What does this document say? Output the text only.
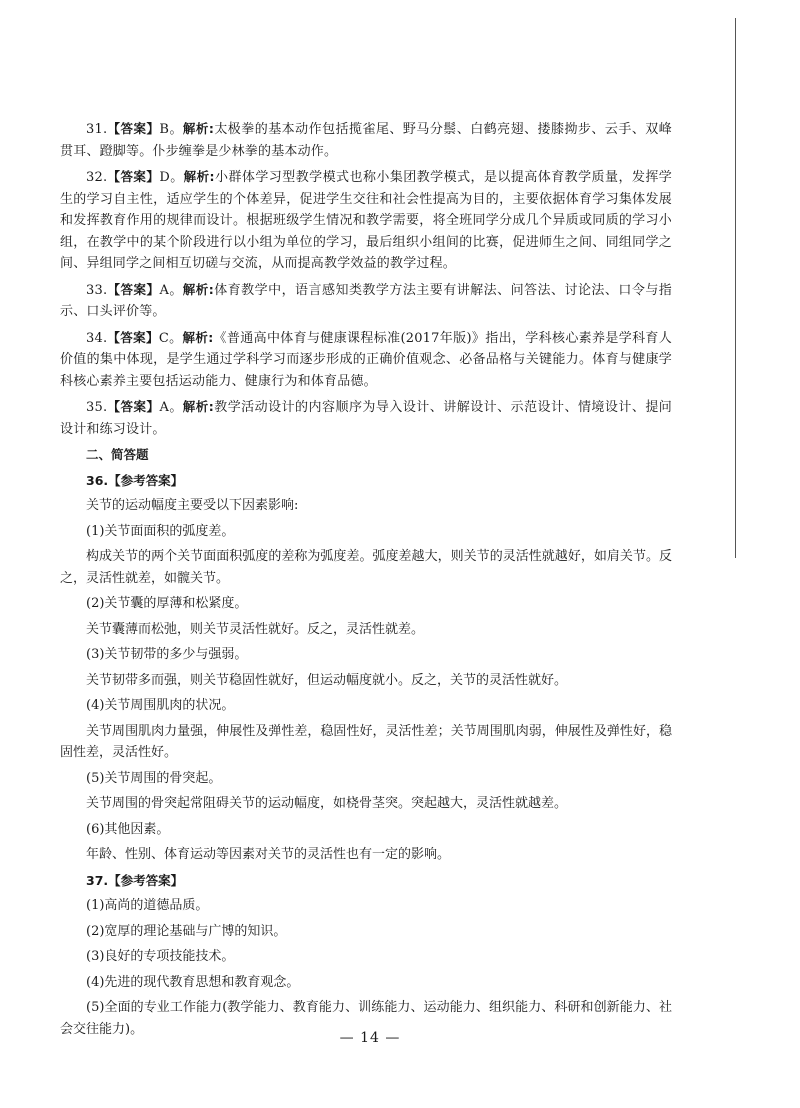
31.【答案】B。解析:太极拳的基本动作包括揽雀尾、野马分鬃、白鹤亮翅、搂膝拗步、云手、双峰贯耳、蹬脚等。仆步缠拳是少林拳的基本动作。

32.【答案】D。解析:小群体学习型教学模式也称小集团教学模式，是以提高体育教学质量，发挥学生的学习自主性，适应学生的个体差异，促进学生交往和社会性提高为目的，主要依据体育学习集体发展和发挥教育作用的规律而设计。根据班级学生情况和教学需要，将全班同学分成几个异质或同质的学习小组，在教学中的某个阶段进行以小组为单位的学习，最后组织小组间的比赛，促进师生之间、同组同学之间、异组同学之间相互切磋与交流，从而提高教学效益的教学过程。

33.【答案】A。解析:体育教学中，语言感知类教学方法主要有讲解法、问答法、讨论法、口令与指示、口头评价等。

34.【答案】C。解析:《普通高中体育与健康课程标准(2017年版)》指出，学科核心素养是学科育人价值的集中体现，是学生通过学科学习而逐步形成的正确价值观念、必备品格与关键能力。体育与健康学科核心素养主要包括运动能力、健康行为和体育品德。

35.【答案】A。解析:教学活动设计的内容顺序为导入设计、讲解设计、示范设计、情境设计、提问设计和练习设计。

二、简答题

36.【参考答案】

关节的运动幅度主要受以下因素影响:

(1)关节面面积的弧度差。

构成关节的两个关节面面积弧度的差称为弧度差。弧度差越大，则关节的灵活性就越好，如肩关节。反之，灵活性就差，如髋关节。

(2)关节囊的厚薄和松紧度。

关节囊薄而松弛，则关节灵活性就好。反之，灵活性就差。

(3)关节韧带的多少与强弱。

关节韧带多而强，则关节稳固性就好，但运动幅度就小。反之，关节的灵活性就好。

(4)关节周围肌肉的状况。

关节周围肌肉力量强，伸展性及弹性差，稳固性好，灵活性差；关节周围肌肉弱，伸展性及弹性好，稳固性差，灵活性好。

(5)关节周围的骨突起。

关节周围的骨突起常阻碍关节的运动幅度，如桡骨茎突。突起越大，灵活性就越差。

(6)其他因素。

年龄、性别、体育运动等因素对关节的灵活性也有一定的影响。

37.【参考答案】

(1)高尚的道德品质。

(2)宽厚的理论基础与广博的知识。

(3)良好的专项技能技术。

(4)先进的现代教育思想和教育观念。

(5)全面的专业工作能力(教学能力、教育能力、训练能力、运动能力、组织能力、科研和创新能力、社会交往能力)。

— 14 —
